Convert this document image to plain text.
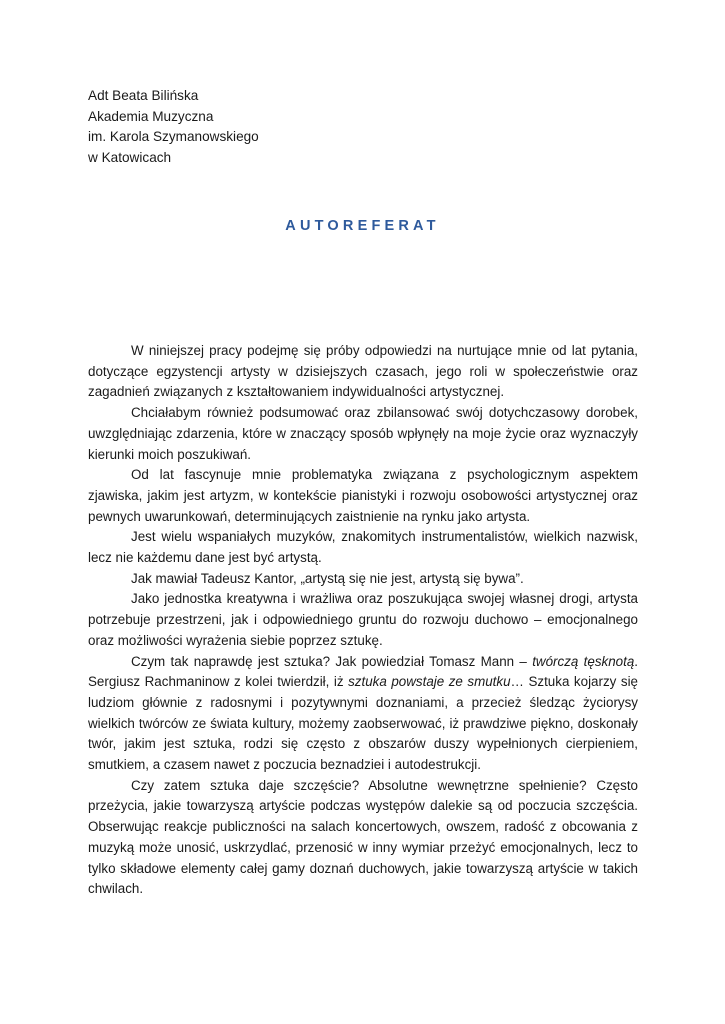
Adt Beata Bilińska
Akademia Muzyczna
im. Karola Szymanowskiego
w Katowicach
AUTOREFERAT

W niniejszej pracy podejmę się próby odpowiedzi na nurtujące mnie od lat pytania, dotyczące egzystencji artysty w dzisiejszych czasach, jego roli w społeczeństwie oraz zagadnień związanych z kształtowaniem indywidualności artystycznej.

Chciałabym również podsumować oraz zbilansować swój dotychczasowy dorobek, uwzględniając zdarzenia, które w znaczący sposób wpłynęły na moje życie oraz wyznaczyły kierunki moich poszukiwań.

Od lat fascynuje mnie problematyka związana z psychologicznym aspektem zjawiska, jakim jest artyzm, w kontekście pianistyki i rozwoju osobowości artystycznej oraz pewnych uwarunkowań, determinujących zaistnienie na rynku jako artysta.

Jest wielu wspaniałych muzyków, znakomitych instrumentalistów, wielkich nazwisk, lecz nie każdemu dane jest być artystą.

Jak mawiał Tadeusz Kantor, „artystą się nie jest, artystą się bywa”.

Jako jednostka kreatywna i wrażliwa oraz poszukująca swojej własnej drogi, artysta potrzebuje przestrzeni, jak i odpowiedniego gruntu do rozwoju duchowo – emocjonalnego oraz możliwości wyrażenia siebie poprzez sztukę.

Czym tak naprawdę jest sztuka? Jak powiedział Tomasz Mann – twórczą tęsknotą. Sergiusz Rachmaninow z kolei twierdził, iż sztuka powstaje ze smutku… Sztuka kojarzy się ludziom głównie z radosnymi i pozytywnymi doznaniami, a przecież śledząc życiorysy wielkich twórców ze świata kultury, możemy zaobserwować, iż prawdziwe piękno, doskonały twór, jakim jest sztuka, rodzi się często z obszarów duszy wypełnionych cierpieniem, smutkiem, a czasem nawet z poczucia beznadziei i autodestrukcji.

Czy zatem sztuka daje szczęście? Absolutne wewnętrzne spełnienie? Często przeżycia, jakie towarzyszą artyście podczas występów dalekie są od poczucia szczęścia. Obserwując reakcje publiczności na salach koncertowych, owszem, radość z obcowania z muzyką może unosić, uskrzydlać, przenosić w inny wymiar przeżyć emocjonalnych, lecz to tylko składowe elementy całej gamy doznań duchowych, jakie towarzyszą artyście w takich chwilach.
